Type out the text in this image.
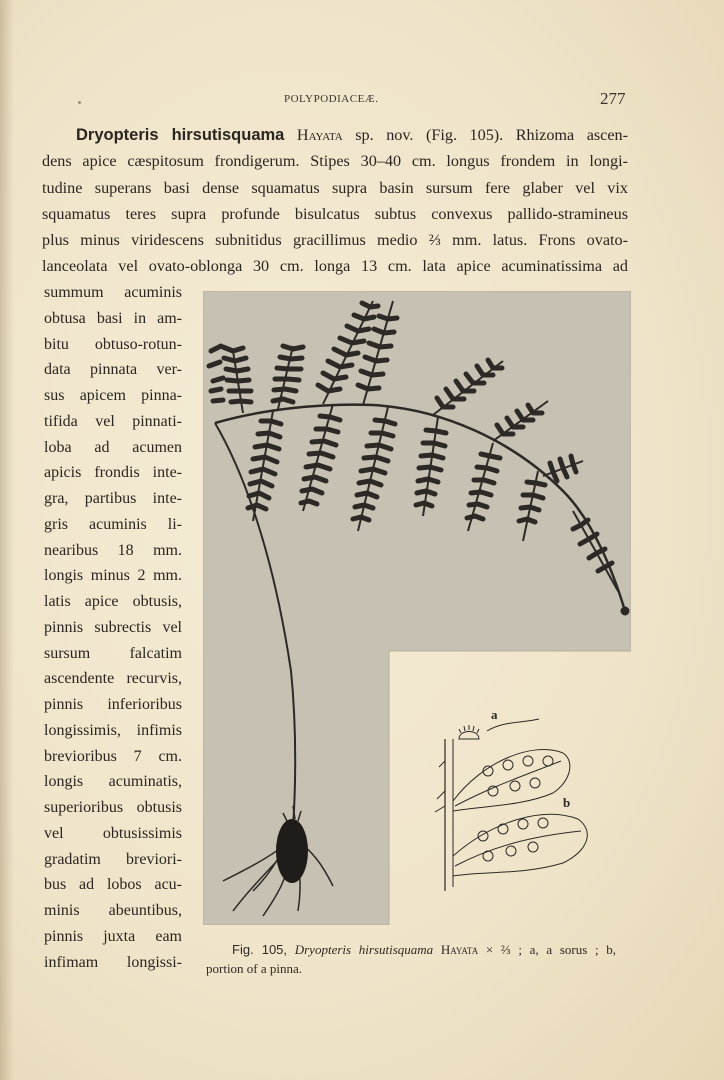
POLYPODIACEÆ.	277
Dryopteris hirsutisquama Hayata sp. nov. (Fig. 105). Rhizoma ascen-
dens apice cæspitosum frondigerum. Stipes 30–40 cm. longus frondem in longi-
tudine superans basi dense squamatus supra basin sursum fere glaber vel vix
squamatus teres supra profunde bisulcatus subtus convexus pallido-stramineus
plus minus viridescens subnitidus gracillimus medio ⅔ mm. latus. Frons ovato-
lanceolata vel ovato-oblonga 30 cm. longa 13 cm. lata apice acuminatissima ad
summum acuminis
obtusa basi in am-
bitu obtuso-rotun-
data pinnata ver-
sus apicem pinna-
tifida vel pinnati-
loba ad acumen
apicis frondis inte-
gra, partibus inte-
gris acuminis li-
nearibus 18 mm.
longis minus 2 mm.
latis apice obtusis,
pinnis subrectis vel
sursum falcatim
ascendente recurvis,
pinnis inferioribus
longissimis, infimis
brevioribus 7 cm.
longis acuminatis,
superioribus obtusis
vel obtusissimis
gradatim breviori-
bus ad lobos acu-
minis abeuntibus,
pinnis juxta eam
infimam longissi-
a
b
Fig. 105, Dryopteris hirsutisquama Hayata × ⅔ ; a, a sorus ; b,
portion of a pinna.
